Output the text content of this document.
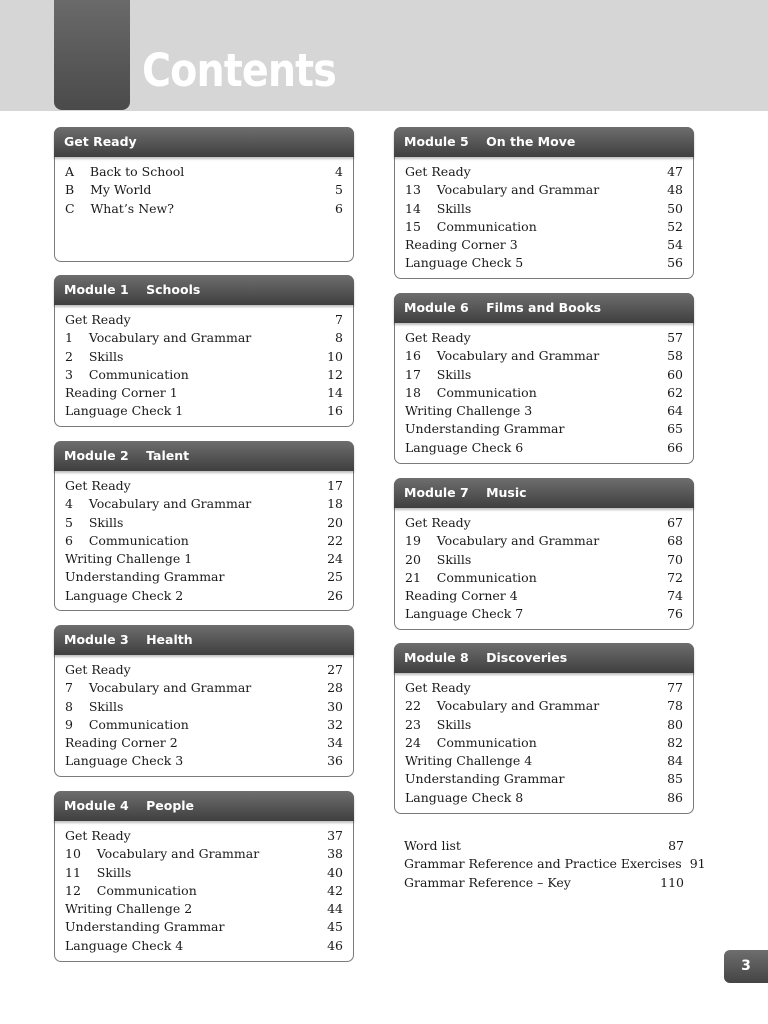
Contents
Get Ready
A    Back to School	4
B    My World	5
C    What’s New?	6
Module 1    Schools
Get Ready	7
1    Vocabulary and Grammar	8
2    Skills	10
3    Communication	12
Reading Corner 1	14
Language Check 1	16
Module 2    Talent
Get Ready	17
4    Vocabulary and Grammar	18
5    Skills	20
6    Communication	22
Writing Challenge 1	24
Understanding Grammar	25
Language Check 2	26
Module 3    Health
Get Ready	27
7    Vocabulary and Grammar	28
8    Skills	30
9    Communication	32
Reading Corner 2	34
Language Check 3	36
Module 4    People
Get Ready	37
10    Vocabulary and Grammar	38
11    Skills	40
12    Communication	42
Writing Challenge 2	44
Understanding Grammar	45
Language Check 4	46
Module 5    On the Move
Get Ready	47
13    Vocabulary and Grammar	48
14    Skills	50
15    Communication	52
Reading Corner 3	54
Language Check 5	56
Module 6    Films and Books
Get Ready	57
16    Vocabulary and Grammar	58
17    Skills	60
18    Communication	62
Writing Challenge 3	64
Understanding Grammar	65
Language Check 6	66
Module 7    Music
Get Ready	67
19    Vocabulary and Grammar	68
20    Skills	70
21    Communication	72
Reading Corner 4	74
Language Check 7	76
Module 8    Discoveries
Get Ready	77
22    Vocabulary and Grammar	78
23    Skills	80
24    Communication	82
Writing Challenge 4	84
Understanding Grammar	85
Language Check 8	86
Word list	87
Grammar Reference and Practice Exercises 91
Grammar Reference – Key	110
3
